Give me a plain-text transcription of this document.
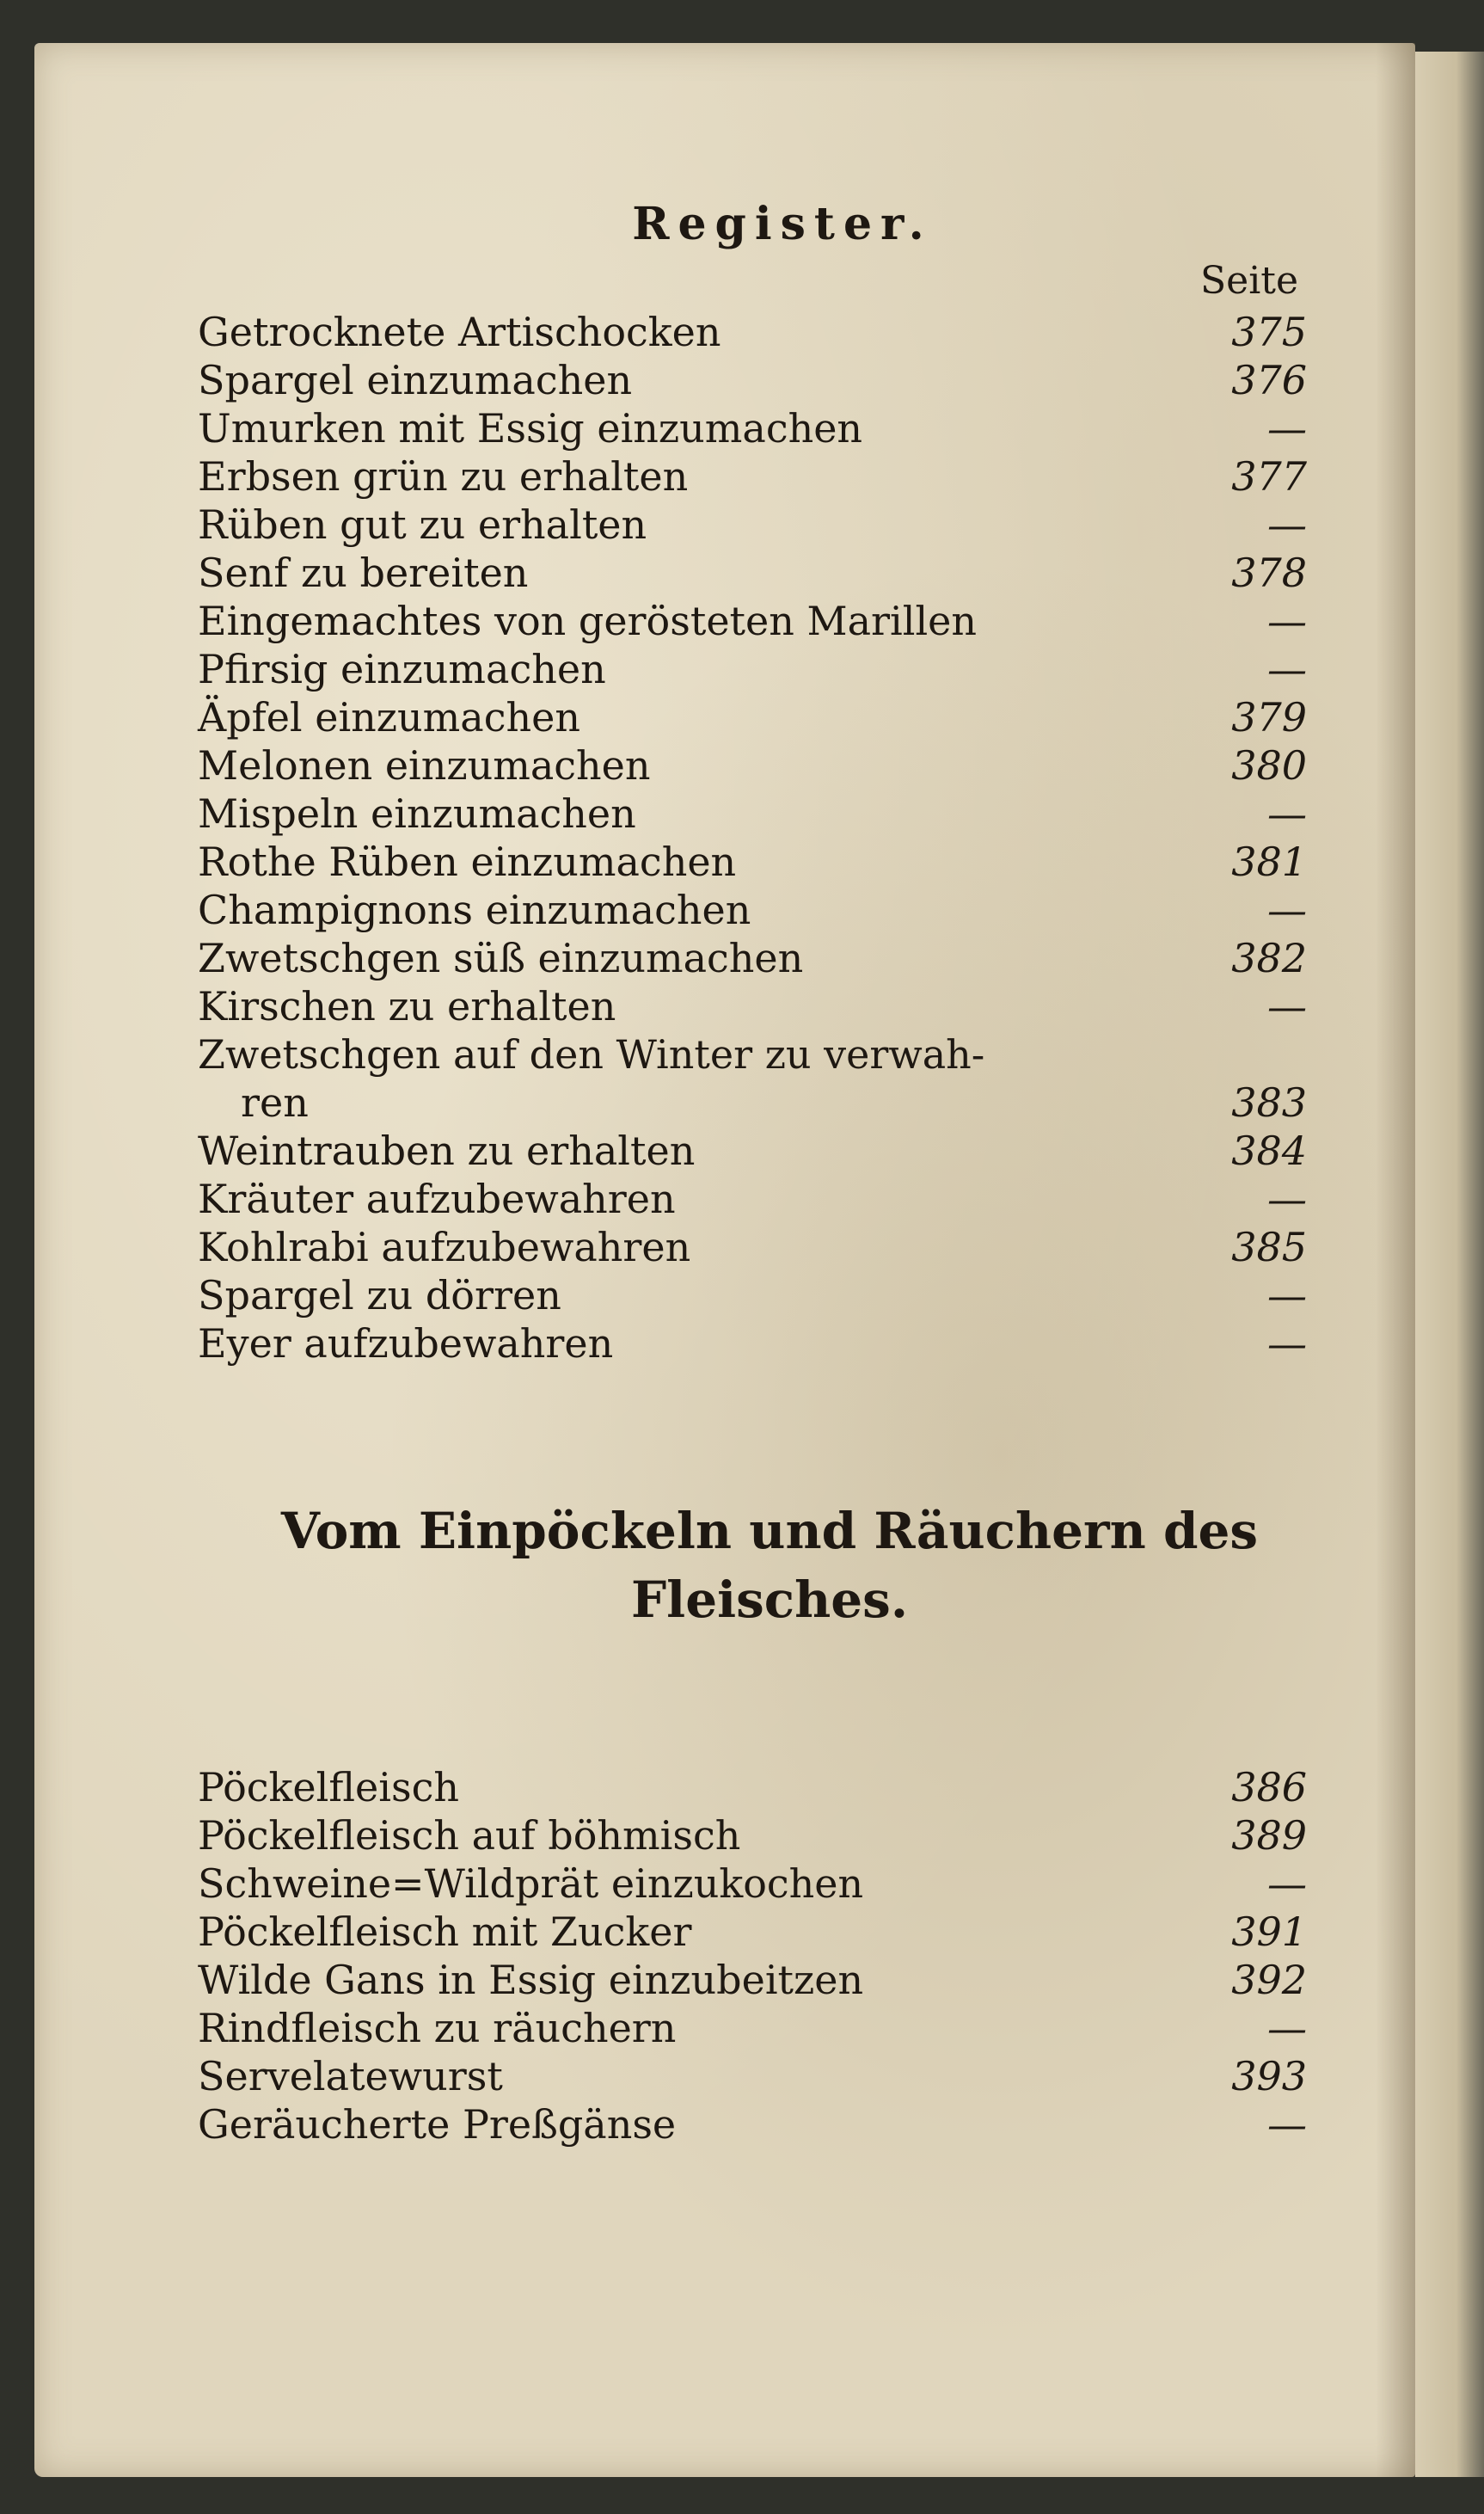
Register.
Seite
Getrocknete Artischocken	375
Spargel einzumachen	376
Umurken mit Essig einzumachen	—
Erbsen grün zu erhalten	377
Rüben gut zu erhalten	—
Senf zu bereiten	378
Eingemachtes von gerösteten Marillen	—
Pfirsig einzumachen	—
Äpfel einzumachen	379
Melonen einzumachen	380
Mispeln einzumachen	—
Rothe Rüben einzumachen	381
Champignons einzumachen	—
Zwetschgen süß einzumachen	382
Kirschen zu erhalten	—
Zwetschgen auf den Winter zu verwah-
ren	383
Weintrauben zu erhalten	384
Kräuter aufzubewahren	—
Kohlrabi aufzubewahren	385
Spargel zu dörren	—
Eyer aufzubewahren	—
Vom Einpöckeln und Räuchern des
Fleisches.
Pöckelfleisch	386
Pöckelfleisch auf böhmisch	389
Schweine=Wildprät einzukochen	—
Pöckelfleisch mit Zucker	391
Wilde Gans in Essig einzubeitzen	392
Rindfleisch zu räuchern	—
Servelatewurst	393
Geräucherte Preßgänse	—
